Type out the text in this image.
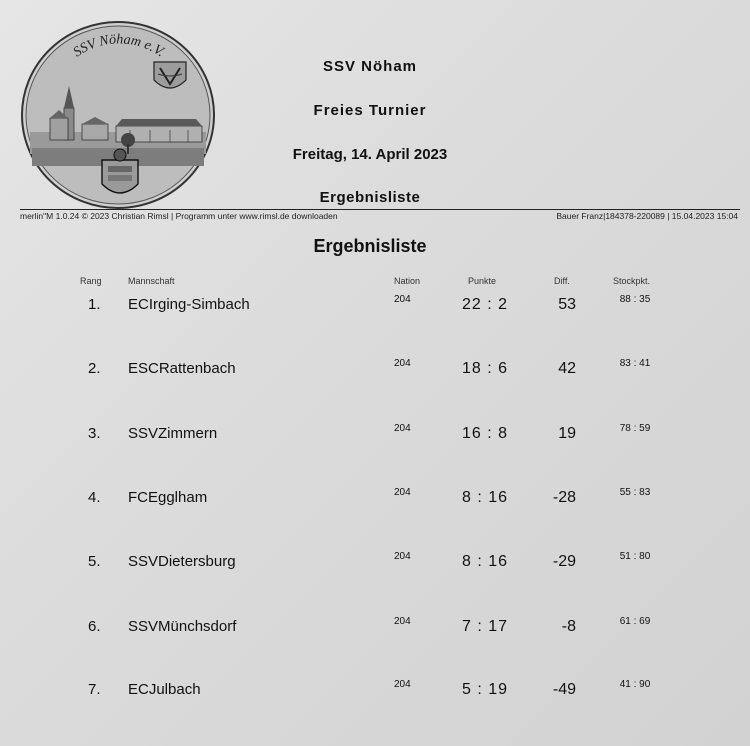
SSV Nöham e.V.
SSV Nöham
Freies Turnier
Freitag, 14. April 2023
Ergebnisliste
merlin"M 1.0.24 © 2023 Christian Rimsl | Programm unter www.rimsl.de downloaden	Bauer Franz|184378-220089 | 15.04.2023 15:04
Ergebnisliste
Rang	Mannschaft	Nation	Punkte	Diff.	Stockpkt.
1. ECIrging-Simbach	204	22 : 2	53	88 : 35
2. ESCRattenbach	204	18 : 6	42	83 : 41
3. SSVZimmern	204	16 : 8	19	78 : 59
4. FCEgglham	204	8 : 16	-28	55 : 83
5. SSVDietersburg	204	8 : 16	-29	51 : 80
6. SSVMünchsdorf	204	7 : 17	-8	61 : 69
7. ECJulbach	204	5 : 19	-49	41 : 90
